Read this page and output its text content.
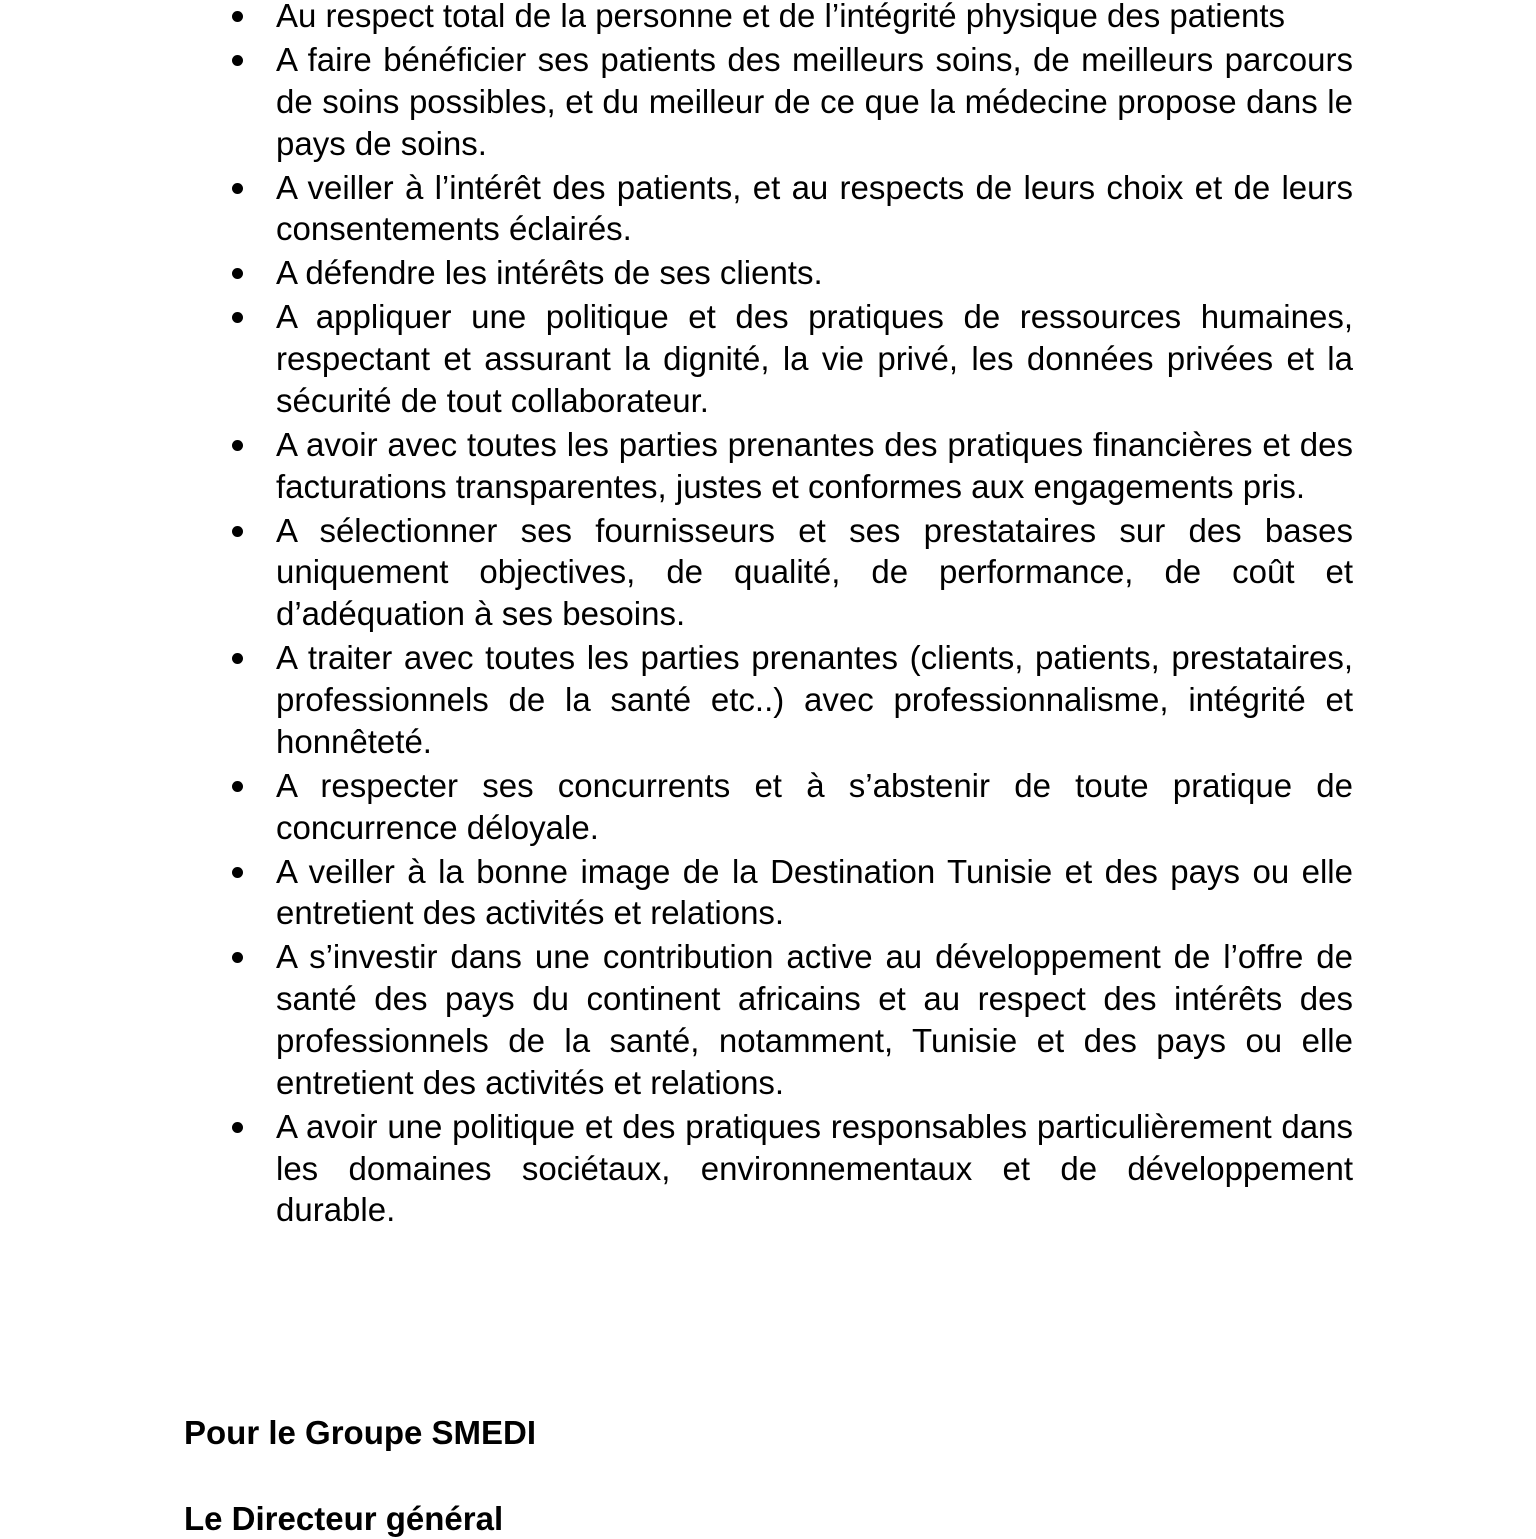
Au respect total de la personne et de l’intégrité physique des patients
A faire bénéficier ses patients des meilleurs soins, de meilleurs parcours de soins possibles, et du meilleur de ce que la médecine propose dans le pays de soins.
A veiller à l’intérêt des patients, et au respects de leurs choix et de leurs consentements éclairés.
A défendre les intérêts de ses clients.
A appliquer une politique et des pratiques de ressources humaines, respectant et assurant la dignité, la vie privé, les données privées et la sécurité de tout collaborateur.
A avoir avec toutes les parties prenantes des pratiques financières et des facturations transparentes, justes et conformes aux engagements pris.
A sélectionner ses fournisseurs et ses prestataires sur des bases uniquement objectives, de qualité, de performance, de coût et d’adéquation à ses besoins.
A traiter avec toutes les parties prenantes (clients, patients, prestataires, professionnels de la santé etc..) avec professionnalisme, intégrité et honnêteté.
A respecter ses concurrents et à s’abstenir de toute pratique de concurrence déloyale.
A veiller à la bonne image de la Destination Tunisie et des pays ou elle entretient des activités et relations.
A s’investir dans une contribution active au développement de l’offre de santé des pays du continent africains et au respect des intérêts des professionnels de la santé, notamment, Tunisie et des pays ou elle entretient des activités et relations.
A avoir une politique et des pratiques responsables particulièrement dans les domaines sociétaux, environnementaux et de développement durable.

Pour le Groupe SMEDI

Le Directeur général
